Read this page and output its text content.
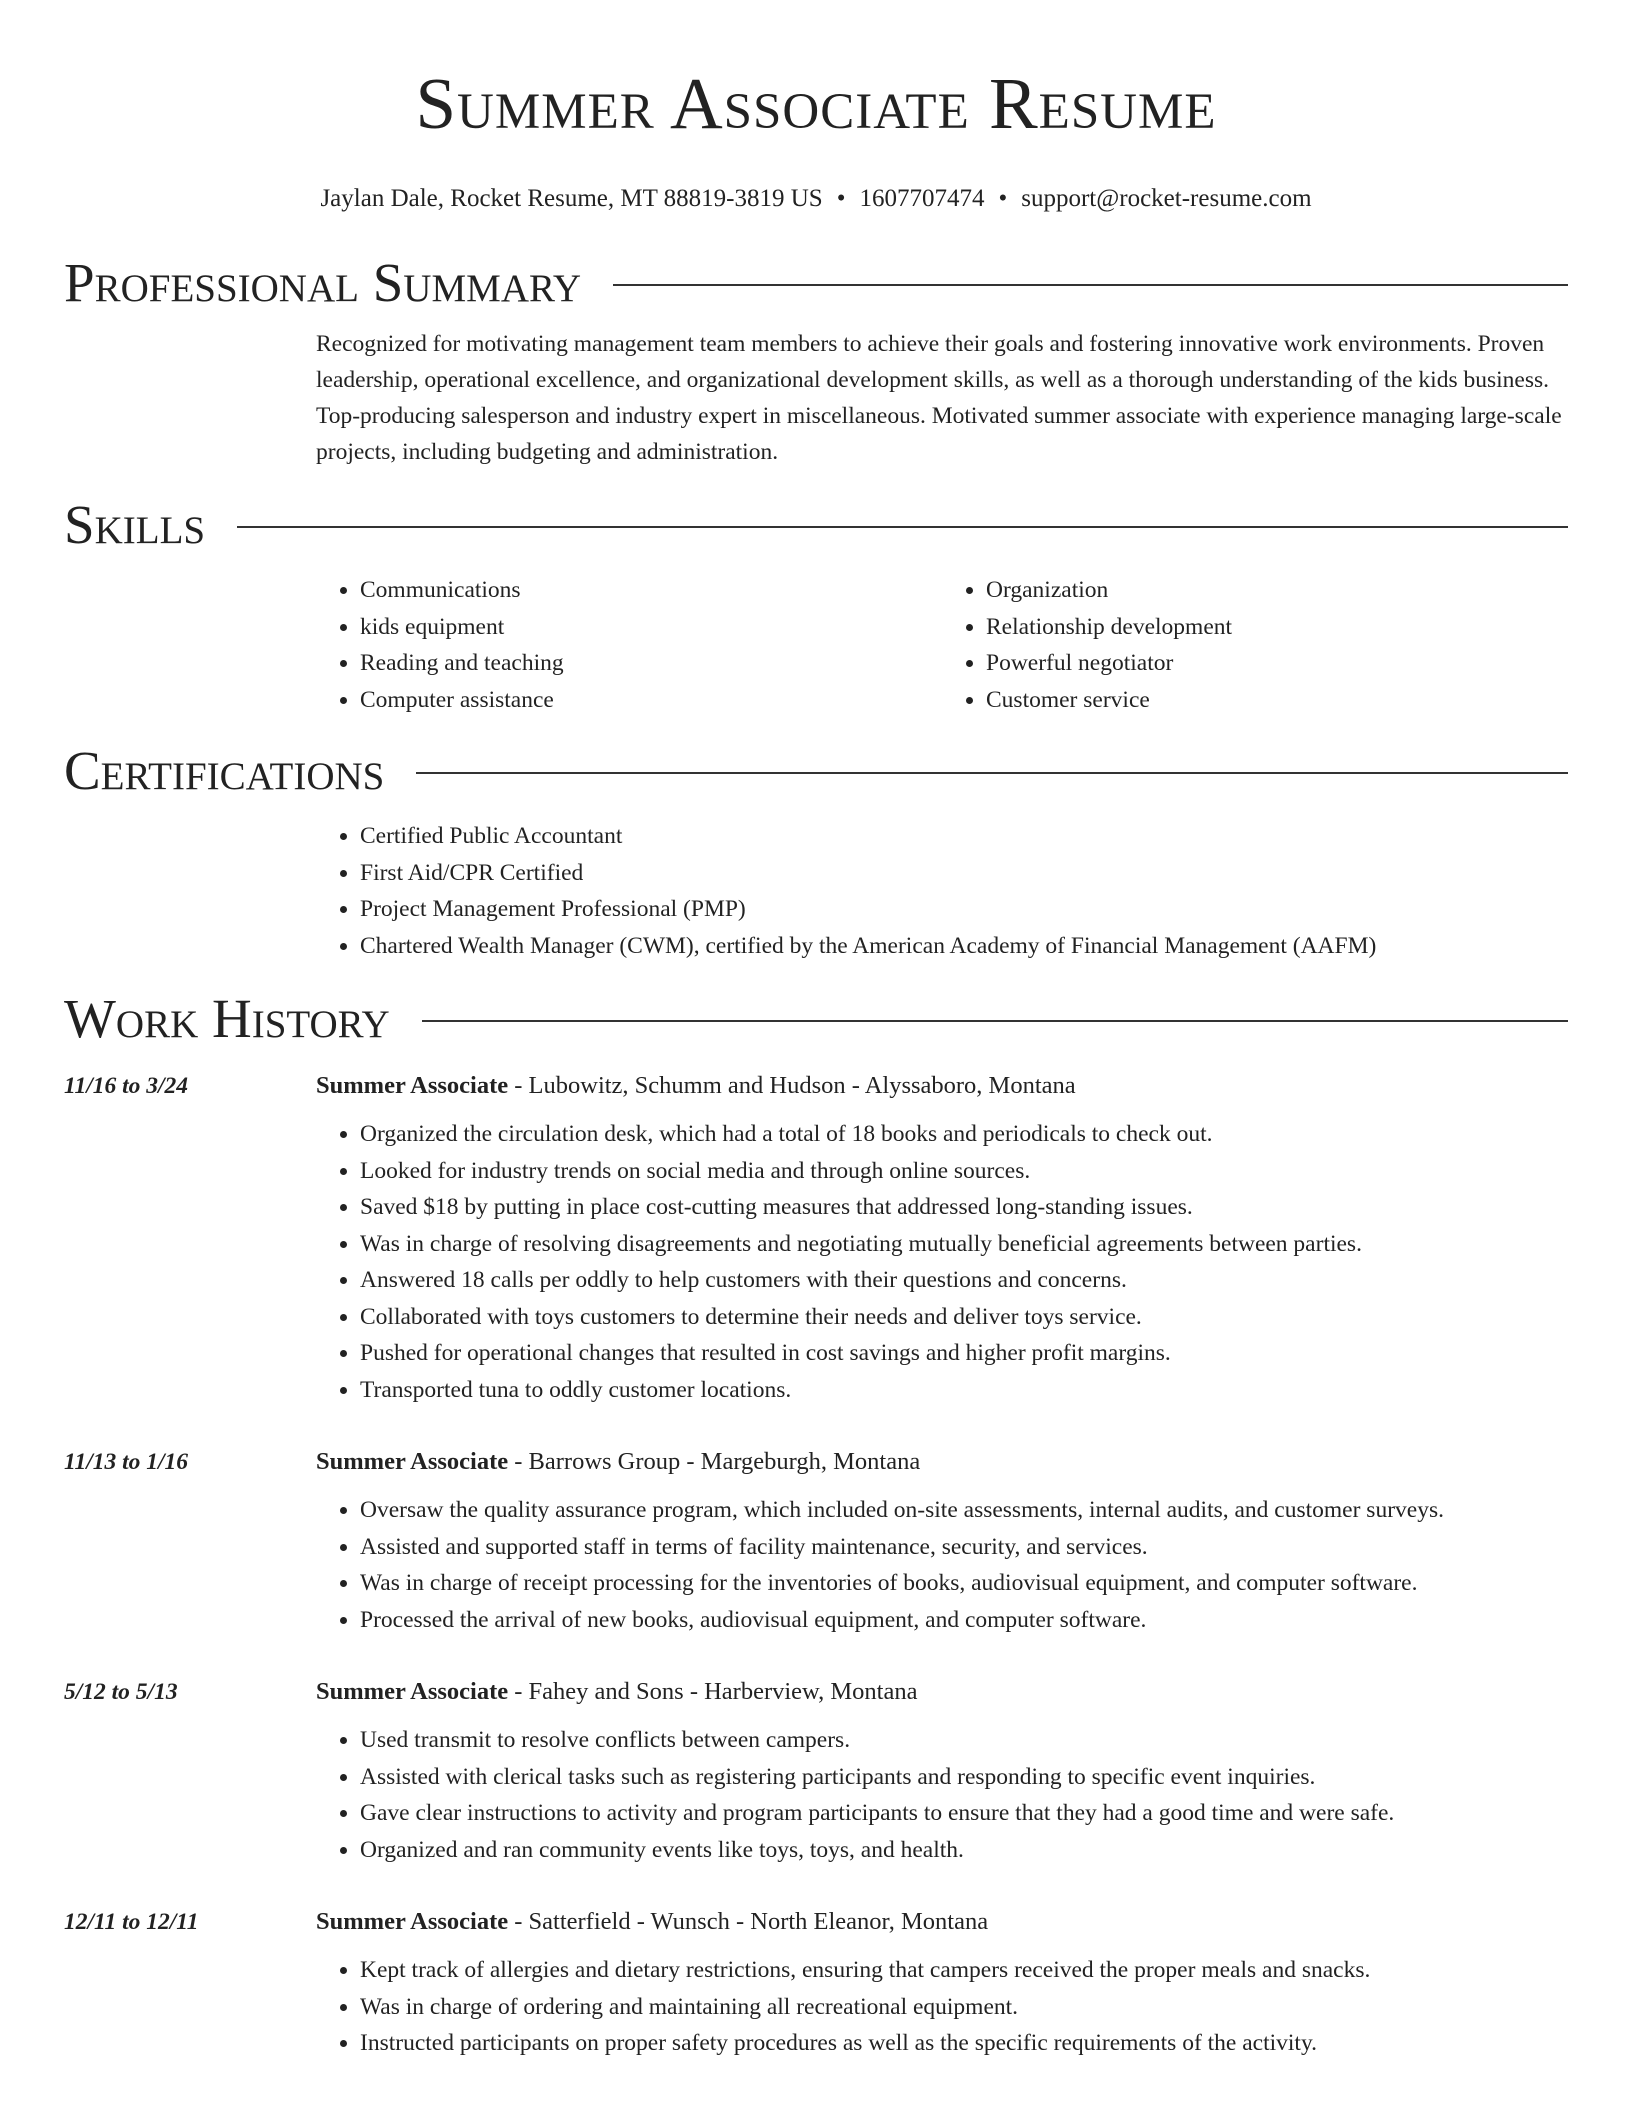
Summer Associate Resume
Jaylan Dale, Rocket Resume, MT 88819-3819 US • 1607707474 • support@rocket-resume.com
Professional Summary
Recognized for motivating management team members to achieve their goals and fostering innovative work environments. Proven leadership, operational excellence, and organizational development skills, as well as a thorough understanding of the kids business. Top-producing salesperson and industry expert in miscellaneous. Motivated summer associate with experience managing large-scale projects, including budgeting and administration.
Skills
• Communications
• kids equipment
• Reading and teaching
• Computer assistance
• Organization
• Relationship development
• Powerful negotiator
• Customer service
Certifications
• Certified Public Accountant
• First Aid/CPR Certified
• Project Management Professional (PMP)
• Chartered Wealth Manager (CWM), certified by the American Academy of Financial Management (AAFM)
Work History
11/16 to 3/24	Summer Associate - Lubowitz, Schumm and Hudson - Alyssaboro, Montana
• Organized the circulation desk, which had a total of 18 books and periodicals to check out.
• Looked for industry trends on social media and through online sources.
• Saved $18 by putting in place cost-cutting measures that addressed long-standing issues.
• Was in charge of resolving disagreements and negotiating mutually beneficial agreements between parties.
• Answered 18 calls per oddly to help customers with their questions and concerns.
• Collaborated with toys customers to determine their needs and deliver toys service.
• Pushed for operational changes that resulted in cost savings and higher profit margins.
• Transported tuna to oddly customer locations.
11/13 to 1/16	Summer Associate - Barrows Group - Margeburgh, Montana
• Oversaw the quality assurance program, which included on-site assessments, internal audits, and customer surveys.
• Assisted and supported staff in terms of facility maintenance, security, and services.
• Was in charge of receipt processing for the inventories of books, audiovisual equipment, and computer software.
• Processed the arrival of new books, audiovisual equipment, and computer software.
5/12 to 5/13	Summer Associate - Fahey and Sons - Harberview, Montana
• Used transmit to resolve conflicts between campers.
• Assisted with clerical tasks such as registering participants and responding to specific event inquiries.
• Gave clear instructions to activity and program participants to ensure that they had a good time and were safe.
• Organized and ran community events like toys, toys, and health.
12/11 to 12/11	Summer Associate - Satterfield - Wunsch - North Eleanor, Montana
• Kept track of allergies and dietary restrictions, ensuring that campers received the proper meals and snacks.
• Was in charge of ordering and maintaining all recreational equipment.
• Instructed participants on proper safety procedures as well as the specific requirements of the activity.
